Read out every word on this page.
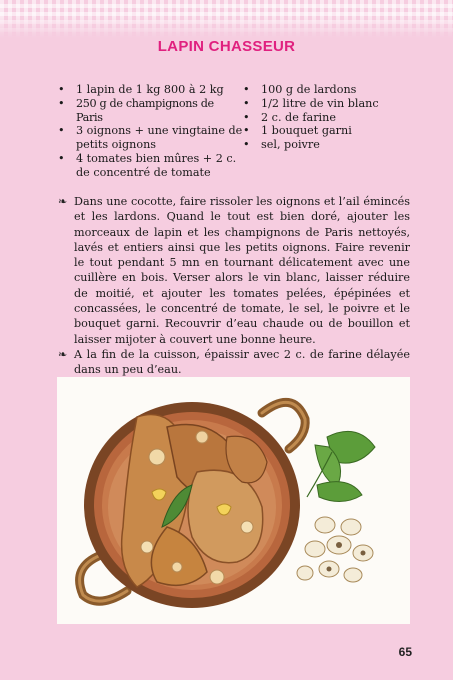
LAPIN CHASSEUR
• 1 lapin de 1 kg 800 à 2 kg
• 250 g de champignons de Paris
• 3 oignons + une vingtaine de petits oignons
• 4 tomates bien mûres + 2 c. de concentré de tomate
• 100 g de lardons
• 1/2 litre de vin blanc
• 2 c. de farine
• 1 bouquet garni
• sel, poivre

❧ Dans une cocotte, faire rissoler les oignons et l’ail émincés et les lardons. Quand le tout est bien doré, ajouter les morceaux de lapin et les champignons de Paris nettoyés, lavés et entiers ainsi que les petits oignons. Faire revenir le tout pendant 5 mn en tournant délicatement avec une cuillère en bois. Verser alors le vin blanc, laisser réduire de moitié, et ajouter les tomates pelées, épépinées et concassées, le concentré de tomate, le sel, le poivre et le bouquet garni. Recouvrir d’eau chaude ou de bouillon et laisser mijoter à couvert une bonne heure.

❧ A la fin de la cuisson, épaissir avec 2 c. de farine délayée dans un peu d’eau.

65
